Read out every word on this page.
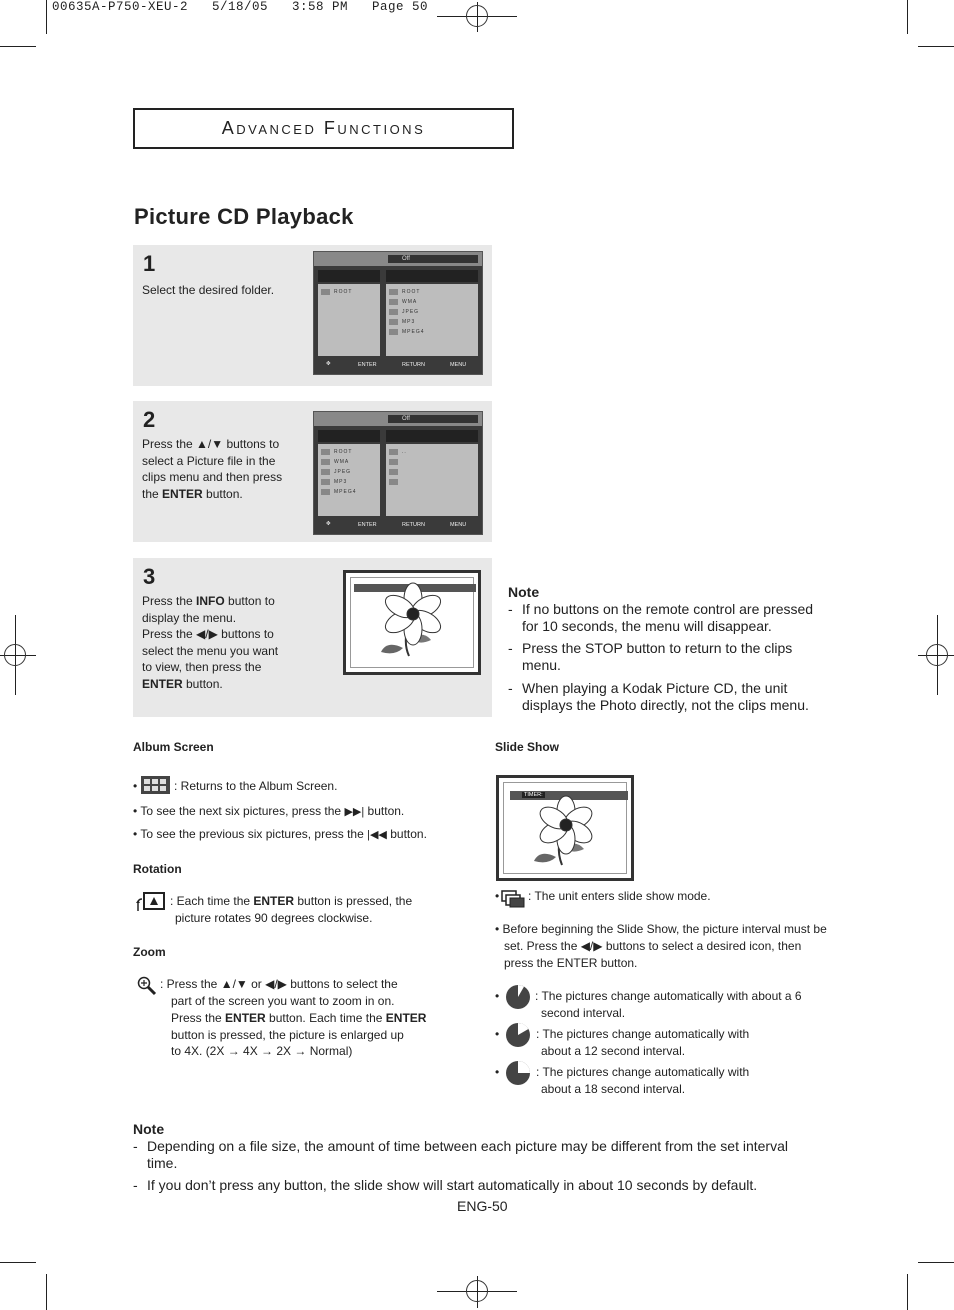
00635A-P750-XEU-2   5/18/05   3:58 PM   Page 50
Advanced Functions
Picture CD Playback
1
Select the desired folder.
Off
ROOT	ROOT
WMA
JPEG
MP3
MPEG4
✥	ENTER	RETURN	MENU
2
Press the ▲/▼ buttons to
select a Picture file in the
clips menu and then press
the ENTER button.
Off
ROOT
WMA
JPEG
MP3
MPEG4
..
✥	ENTER	RETURN	MENU
3
Press the INFO button to
display the menu.
Press the ◀/▶ buttons to
select the menu you want
to view, then press the
ENTER button.
Note
- If no buttons on the remote control are pressed for 10 seconds, the menu will disappear.
- Press the STOP button to return to the clips menu.
- When playing a Kodak Picture CD, the unit displays the Photo directly, not the clips menu.
Album Screen
•	: Returns to the Album Screen.
• To see the next six pictures, press the ▶▶| button.
• To see the previous six pictures, press the |◀◀ button.
Rotation
: Each time the ENTER button is pressed, the
picture rotates 90 degrees clockwise.
Zoom
: Press the ▲/▼ or ◀/▶ buttons to select the
part of the screen you want to zoom in on.
Press the ENTER button. Each time the ENTER
button is pressed, the picture is enlarged up
to 4X. (2X → 4X → 2X → Normal)
Slide Show
TIMER:
• : The unit enters slide show mode.
• Before beginning the Slide Show, the picture interval must be
set. Press the ◀/▶ buttons to select a desired icon, then
press the ENTER button.
•	: The pictures change automatically with about a 6
second interval.
•	: The pictures change automatically with
about a 12 second interval.
•	: The pictures change automatically with
about a 18 second interval.
Note
- Depending on a file size, the amount of time between each picture may be different from the set interval
time.
- If you don’t press any button, the slide show will start automatically in about 10 seconds by default.
ENG-50
